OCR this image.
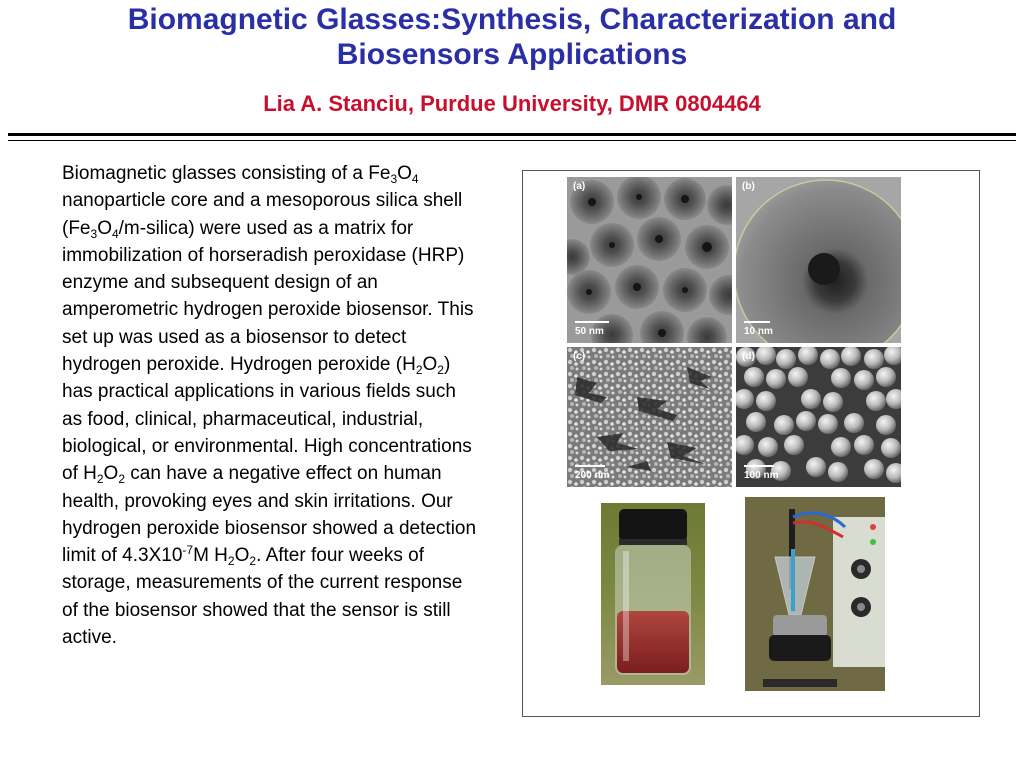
Biomagnetic Glasses:Synthesis, Characterization and
Biosensors Applications

Lia A. Stanciu, Purdue University, DMR 0804464

Biomagnetic glasses consisting of a $Fe_3O_4$ nanoparticle core and a mesoporous silica shell $(Fe_3O_4/m-silica)$ were used as a matrix for immobilization of horseradish peroxidase (HRP) enzyme and subsequent design of an amperometric hydrogen peroxide biosensor. This set up was used as a biosensor to detect hydrogen peroxide. Hydrogen peroxide $(H_2O_2)$ has practical applications in various fields such as food, clinical, pharmaceutical, industrial, biological, or environmental. High concentrations of $H_2O_2$ can have a negative effect on human health, provoking eyes and skin irritations. Our hydrogen peroxide biosensor showed a detection limit of $4.3X10^{-7}M$ $H_2O_2$. After four weeks of storage, measurements of the current response of the biosensor showed that the sensor is still active.

(a)
50 nm
(b)
10 nm
(c)
200 nm
(d)
100 nm
